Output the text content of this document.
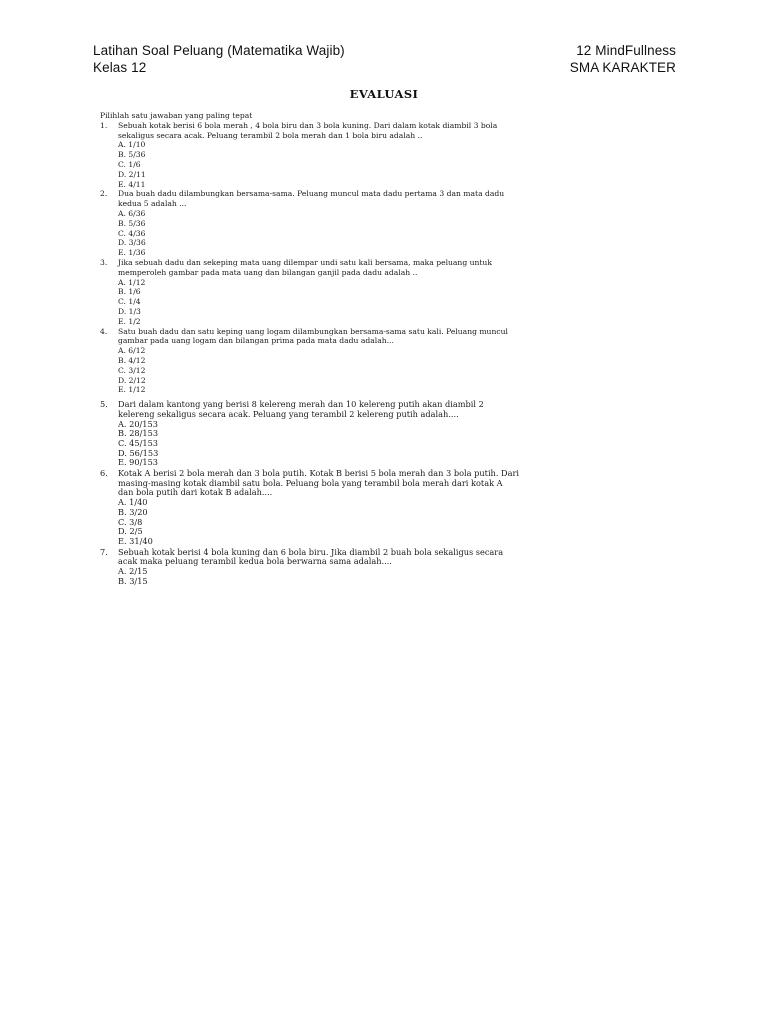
Latihan Soal Peluang (Matematika Wajib)
Kelas 12
12 MindFullness
SMA KARAKTER
EVALUASI

Pilihlah satu jawaban yang paling tepat

1.	Sebuah kotak berisi 6 bola merah , 4 bola biru dan 3 bola kuning. Dari dalam kotak diambil 3 bola sekaligus secara acak. Peluang terambil 2 bola merah dan 1 bola biru adalah ..
A. 1/10
B. 5/36
C. 1/6
D. 2/11
E. 4/11
2.	Dua buah dadu dilambungkan bersama-sama. Peluang muncul mata dadu pertama 3 dan mata dadu kedua 5 adalah ...
A. 6/36
B. 5/36
C. 4/36
D. 3/36
E. 1/36
3.	Jika sebuah dadu dan sekeping mata uang dilempar undi satu kali bersama, maka peluang untuk memperoleh gambar pada mata uang dan bilangan ganjil pada dadu adalah ..
A. 1/12
B. 1/6
C. 1/4
D. 1/3
E. 1/2
4.	Satu buah dadu dan satu keping uang logam dilambungkan bersama-sama satu kali. Peluang muncul gambar pada uang logam dan bilangan prima pada mata dadu adalah...
A. 6/12
B. 4/12
C. 3/12
D. 2/12
E. 1/12
5.	Dari dalam kantong yang berisi 8 kelereng merah dan 10 kelereng putih akan diambil 2 kelereng sekaligus secara acak. Peluang yang terambil 2 kelereng putih adalah....
A. 20/153
B. 28/153
C. 45/153
D. 56/153
E. 90/153
6.	Kotak A berisi 2 bola merah dan 3 bola putih. Kotak B berisi 5 bola merah dan 3 bola putih. Dari masing-masing kotak diambil satu bola. Peluang bola yang terambil bola merah dari kotak A dan bola putih dari kotak B adalah....
A. 1/40
B. 3/20
C. 3/8
D. 2/5
E. 31/40
7.	Sebuah kotak berisi 4 bola kuning dan 6 bola biru. Jika diambil 2 buah bola sekaligus secara acak maka peluang terambil kedua bola berwarna sama adalah....
A. 2/15
B. 3/15
